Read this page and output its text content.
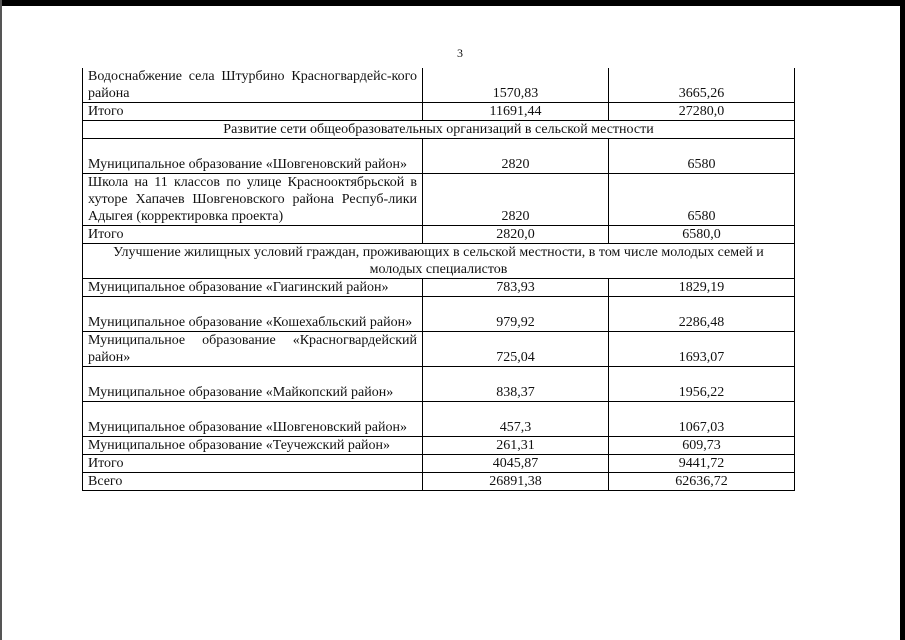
3
Водоснабжение села Штурбино Красногвардейс-кого района	1570,83	3665,26
Итого	11691,44	27280,0
Развитие сети общеобразовательных организаций в сельской местности		
Муниципальное образование «Шовгеновский район»	2820	6580
Школа на 11 классов по улице Краснооктябрьской в хуторе Хапачев Шовгеновского района Респуб-лики Адыгея (корректировка проекта)	2820	6580
Итого	2820,0	6580,0
Улучшение жилищных условий граждан, проживающих в сельской местности, в том числе молодых семей и молодых специалистов		
Муниципальное образование «Гиагинский район»	783,93	1829,19
Муниципальное образование «Кошехабльский район»	979,92	2286,48
Муниципальное образование «Красногвардейский район»	725,04	1693,07
Муниципальное образование «Майкопский район»	838,37	1956,22
Муниципальное образование «Шовгеновский район»	457,3	1067,03
Муниципальное образование «Теучежский район»	261,31	609,73
Итого	4045,87	9441,72
Всего	26891,38	62636,72
